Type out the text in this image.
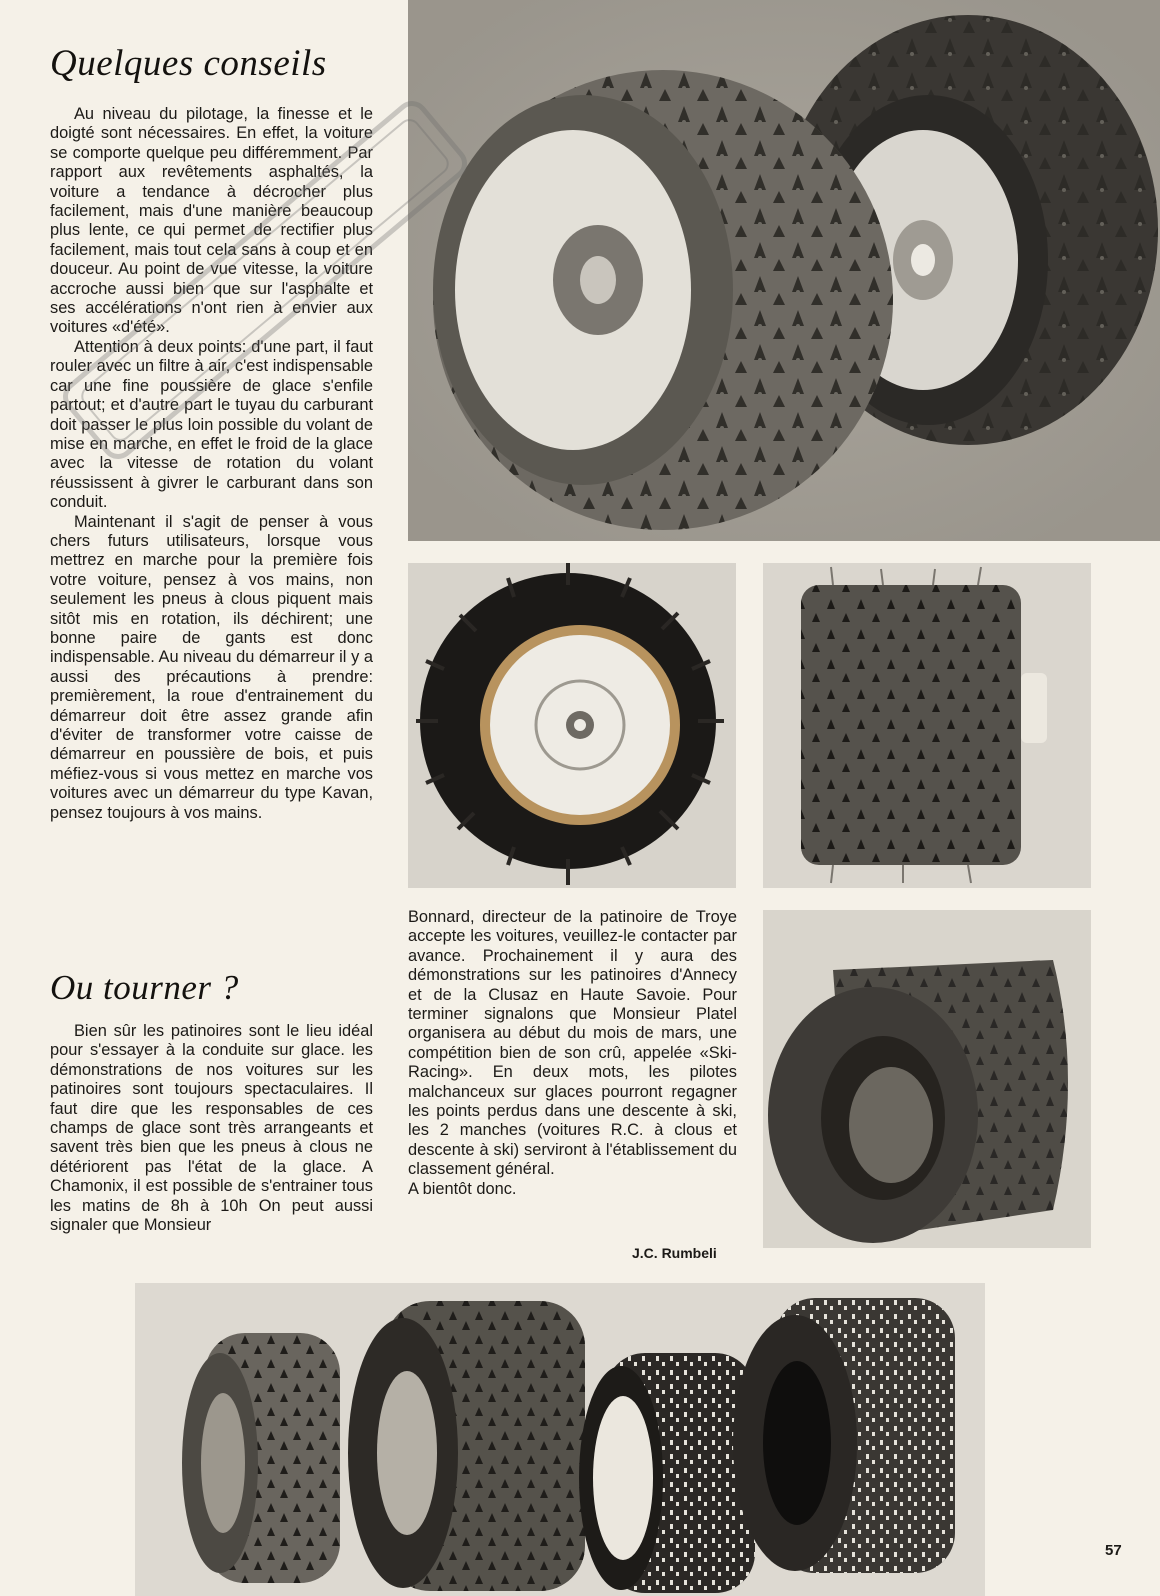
Quelques conseils

Au niveau du pilotage, la finesse et le doigté sont nécessaires. En effet, la voiture se comporte quelque peu différemment. Par rapport aux revêtements asphaltés, la voiture a tendance à décrocher plus facilement, mais d'une manière beaucoup plus lente, ce qui permet de rectifier plus facilement, mais tout cela sans à coup et en douceur. Au point de vue vitesse, la voiture accroche aussi bien que sur l'asphalte et ses accélérations n'ont rien à envier aux voitures «d'été».

Attention à deux points: d'une part, il faut rouler avec un filtre à air, c'est indispensable car une fine poussière de glace s'enfile partout; et d'autre part le tuyau du carburant doit passer le plus loin possible du volant de mise en marche, en effet le froid de la glace avec la vitesse de rotation du volant réussissent à givrer le carburant dans son conduit.

Maintenant il s'agit de penser à vous chers futurs utilisateurs, lorsque vous mettrez en marche pour la première fois votre voiture, pensez à vos mains, non seulement les pneus à clous piquent mais sitôt mis en rotation, ils déchirent; une bonne paire de gants est donc indispensable. Au niveau du démarreur il y a aussi des précautions à prendre: premièrement, la roue d'entrainement du démarreur doit être assez grande afin d'éviter de transformer votre caisse de démarreur en poussière de bois, et puis méfiez-vous si vous mettez en marche vos voitures avec un démarreur du type Kavan, pensez toujours à vos mains.

Ou tourner ?

Bien sûr les patinoires sont le lieu idéal pour s'essayer à la conduite sur glace. les démonstrations de nos voitures sur les patinoires sont toujours spectaculaires. Il faut dire que les responsables de ces champs de glace sont très arrangeants et savent très bien que les pneus à clous ne détériorent pas l'état de la glace. A Chamonix, il est possible de s'entrainer tous les matins de 8h à 10h On peut aussi signaler que Monsieur

Bonnard, directeur de la patinoire de Troye accepte les voitures, veuillez-le contacter par avance. Prochainement il y aura des démonstrations sur les patinoires d'Annecy et de la Clusaz en Haute Savoie. Pour terminer signalons que Monsieur Platel organisera au début du mois de mars, une compétition bien de son crû, appelée «Ski-Racing». En deux mots, les pilotes malchanceux sur glaces pourront regagner les points perdus dans une descente à ski, les 2 manches (voitures R.C. à clous et descente à ski) serviront à l'établissement du classement général.

A bientôt donc.

J.C. Rumbeli
57
